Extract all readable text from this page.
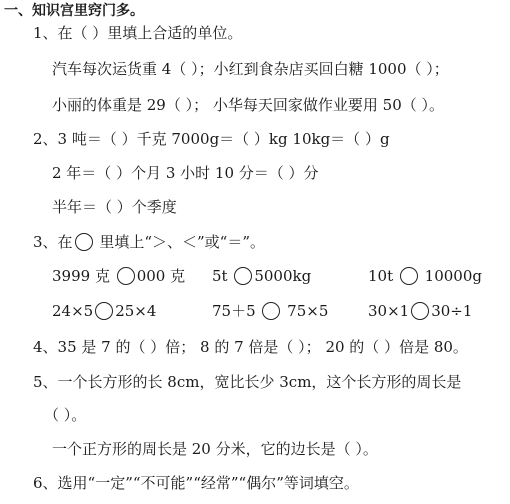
一、知识宫里窍门多。
1、在（ ）里填上合适的单位。
汽车每次运货重 4（ ）；小红到食杂店买回白糖 1000（ ）；
小丽的体重是 29（ ）； 小华每天回家做作业要用 50（ ）。
2、3 吨＝（ ）千克 7000g＝（ ）kg 10kg＝（ ）g
2 年＝（ ）个月 3 小时 10 分＝（ ）分
半年＝（ ）个季度
3、在 里填上“＞、＜”或“＝”。
3999 克 000 克 5t 5000kg	10t  10000g
24×5 25×4	75＋5  75×5	30×1 30÷1
4、35 是 7 的（ ）倍； 8 的 7 倍是（ ）； 20 的（ ）倍是 80。
5、一个长方形的长 8cm，宽比长少 3cm，这个长方形的周长是
（ ）。
一个正方形的周长是 20 分米，它的边长是（ ）。
6、选用“一定”“不可能”“经常”“偶尔”等词填空。
